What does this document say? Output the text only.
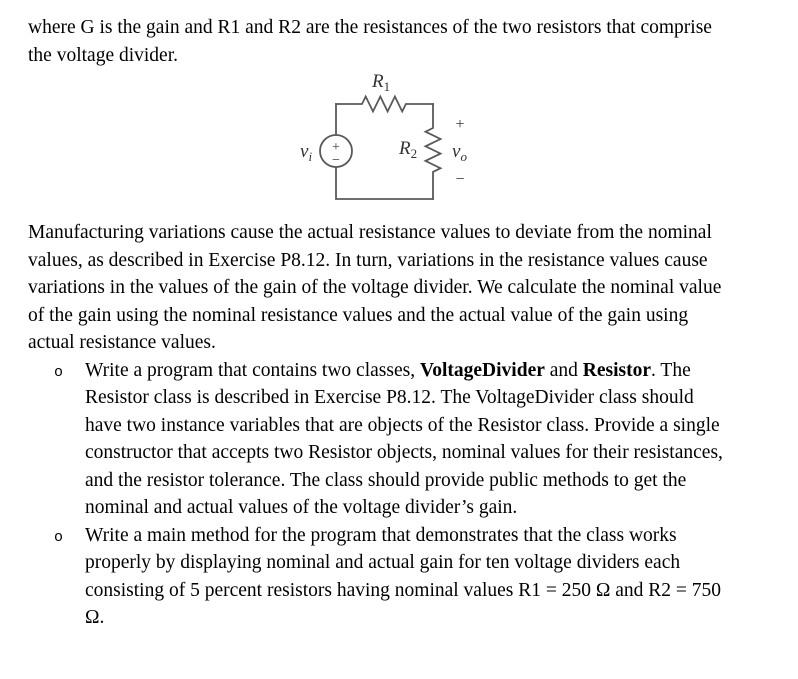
where G is the gain and R1 and R2 are the resistances of the two resistors that comprise
the voltage divider.
+
−
$R_1$
$R_2$
$v_i$
+
$v_o$
−
Manufacturing variations cause the actual resistance values to deviate from the nominal
values, as described in Exercise P8.12. In turn, variations in the resistance values cause
variations in the values of the gain of the voltage divider. We calculate the nominal value
of the gain using the nominal resistance values and the actual value of the gain using
actual resistance values.
o	Write a program that contains two classes, VoltageDivider and Resistor. The
Resistor class is described in Exercise P8.12. The VoltageDivider class should
have two instance variables that are objects of the Resistor class. Provide a single
constructor that accepts two Resistor objects, nominal values for their resistances,
and the resistor tolerance. The class should provide public methods to get the
nominal and actual values of the voltage divider’s gain.
o	Write a main method for the program that demonstrates that the class works
properly by displaying nominal and actual gain for ten voltage dividers each
consisting of 5 percent resistors having nominal values R1 = 250 Ω and R2 = 750
Ω.
